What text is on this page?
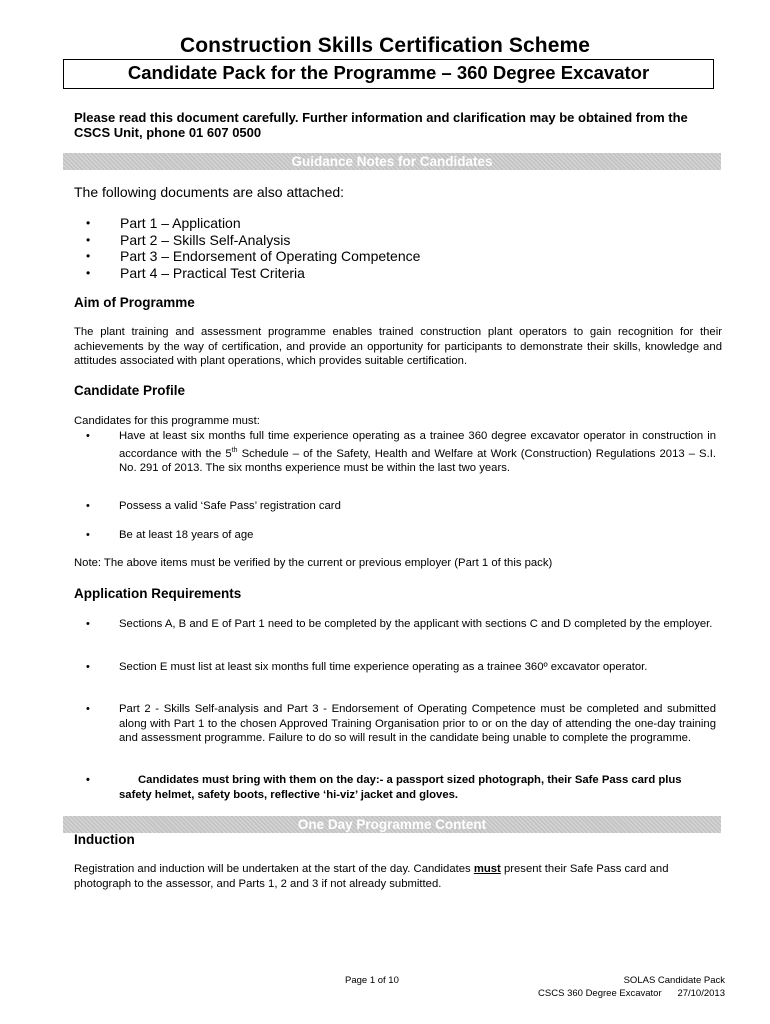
Construction Skills Certification Scheme
Candidate Pack for the Programme – 360 Degree Excavator
Please read this document carefully. Further information and clarification may be obtained from the CSCS Unit, phone 01 607 0500
Guidance Notes for Candidates
The following documents are also attached:
• Part 1 – Application
• Part 2 – Skills Self-Analysis
• Part 3 – Endorsement of Operating Competence
• Part 4 – Practical Test Criteria
Aim of Programme
The plant training and assessment programme enables trained construction plant operators to gain recognition for their achievements by the way of certification, and provide an opportunity for participants to demonstrate their skills, knowledge and attitudes associated with plant operations, which provides suitable certification.
Candidate Profile
Candidates for this programme must:
•	Have at least six months full time experience operating as a trainee 360 degree excavator operator in construction in accordance with the 5th Schedule – of the Safety, Health and Welfare at Work (Construction) Regulations 2013 – S.I. No. 291 of 2013. The six months experience must be within the last two years.
•	Possess a valid ‘Safe Pass’ registration card
•	Be at least 18 years of age
Note: The above items must be verified by the current or previous employer (Part 1 of this pack)
Application Requirements
•	Sections A, B and E of Part 1 need to be completed by the applicant with sections C and D completed by the employer.
•	Section E must list at least six months full time experience operating as a trainee 360º excavator operator.
•	Part 2 - Skills Self-analysis and Part 3 - Endorsement of Operating Competence must be completed and submitted along with Part 1 to the chosen Approved Training Organisation prior to or on the day of attending the one-day training and assessment programme. Failure to do so will result in the candidate being unable to complete the programme.
•	Candidates must bring with them on the day:- a passport sized photograph, their Safe Pass card plus safety helmet, safety boots, reflective ‘hi-viz’ jacket and gloves.
One Day Programme Content
Induction
Registration and induction will be undertaken at the start of the day. Candidates must present their Safe Pass card and photograph to the assessor, and Parts 1, 2 and 3 if not already submitted.
Page 1 of 10	SOLAS Candidate Pack
CSCS 360 Degree Excavator      27/10/2013
